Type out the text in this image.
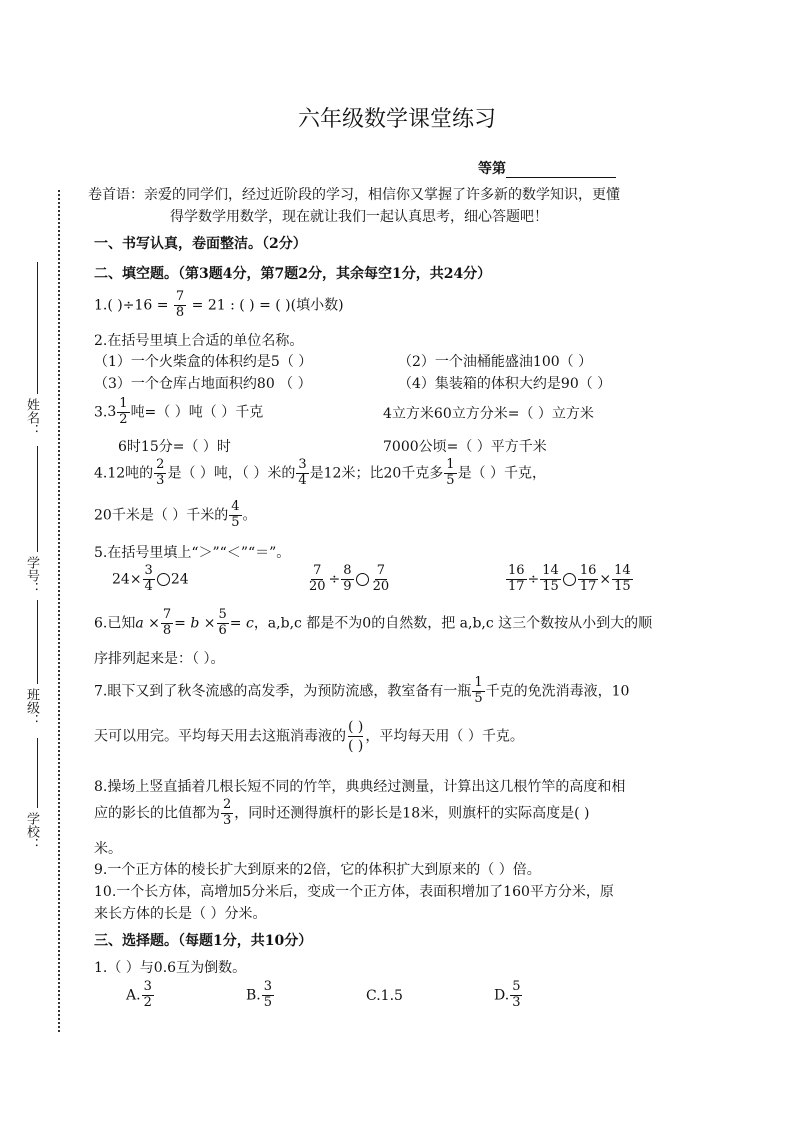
六年级数学课堂练习
等第
卷首语：亲爱的同学们，经过近阶段的学习，相信你又掌握了许多新的数学知识，更懂
得学数学用数学，现在就让我们一起认真思考，细心答题吧！
姓名：
学号：
班级：
学校：
一、书写认真，卷面整洁。（2分）
二、填空题。（第3题4分，第7题2分，其余每空1分，共24分）
1.( )$\div 16 = \frac{7}{8} = 21$ : ( ) = ( )(填小数)
2.在括号里填上合适的单位名称。
（1）一个火柴盒的体积约是5（ ）	（2）一个油桶能盛油100（ ）
（3）一个仓库占地面积约80 （ ）	（4）集装箱的体积大约是90（ ）
3. $3 \frac{1}{2}$ 吨=（ ）吨（ ）千克	4立方米60立方分米=（ ）立方米
6时15分=（ ）时	7000公顷=（ ）平方千米
4.12吨的 $\frac{2}{3}$ 是（ ）吨，（ ）米的 $\frac{3}{4}$ 是12米；比20千克多 $\frac{1}{5}$ 是（ ）千克，
20千米是（ ）千米的 $\frac{4}{5}$ 。
5.在括号里填上“＞”“＜”“＝”。
$24\times \frac{3}{4} 24$	$\frac{7}{20} \div \frac{8}{9} \frac{7}{20}$	$\frac{16}{17} \div \frac{14}{15} \frac{16}{17} \times \frac{14}{15}$
6.已知$a \times \frac{7}{8} = b \times \frac{5}{6} = c$，a,b,c 都是不为0的自然数，把 a,b,c 这三个数按从小到大的顺
序排列起来是：（ ）。
7.眼下又到了秋冬流感的高发季，为预防流感，教室备有一瓶 $\frac{1}{5}$ 千克的免洗消毒液，10
天可以用完。平均每天用去这瓶消毒液的
( )
( )
，平均每天用（ ）千克。
8.操场上竖直插着几根长短不同的竹竿，典典经过测量，计算出这几根竹竿的高度和相
应的影长的比值都为 $\frac{2}{3}$ ，同时还测得旗杆的影长是18米，则旗杆的实际高度是( )
米。
9.一个正方体的棱长扩大到原来的2倍，它的体积扩大到原来的（ ）倍。
10.一个长方体，高增加5分米后，变成一个正方体，表面积增加了160平方分米，原
来长方体的长是（ ）分米。
三、选择题。（每题1分，共10分）
1.（ ）与0.6互为倒数。
A. $\frac{3}{2}$	B. $\frac{3}{5}$	C.1.5	D. $\frac{5}{3}$
